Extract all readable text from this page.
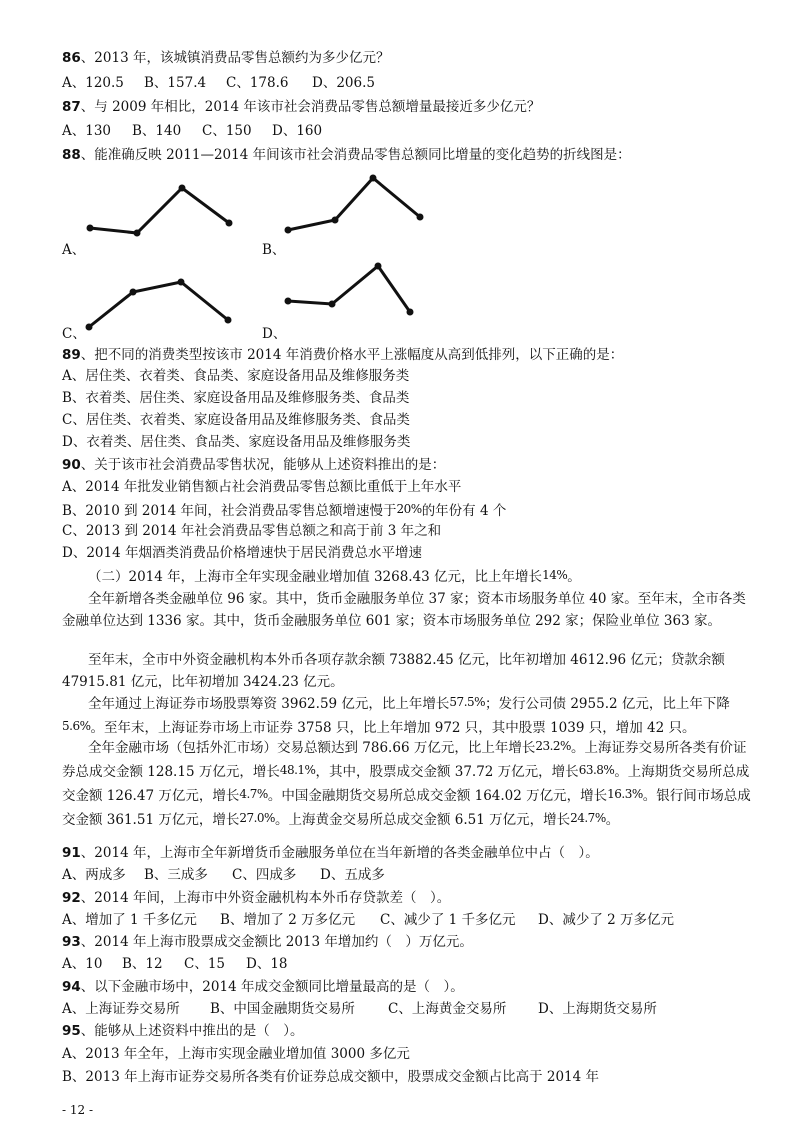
86、2013 年，该城镇消费品零售总额约为多少亿元？
A、120.5 B、157.4 C、178.6 D、206.5
87、与 2009 年相比，2014 年该市社会消费品零售总额增量最接近多少亿元？
A、130 B、140 C、150 D、160
88、能准确反映 2011—2014 年间该市社会消费品零售总额同比增量的变化趋势的折线图是：
A、	B、
C、	D、
89、把不同的消费类型按该市 2014 年消费价格水平上涨幅度从高到低排列，以下正确的是：
A、居住类、衣着类、食品类、家庭设备用品及维修服务类
B、衣着类、居住类、家庭设备用品及维修服务类、食品类
C、居住类、衣着类、家庭设备用品及维修服务类、食品类
D、衣着类、居住类、食品类、家庭设备用品及维修服务类
90、关于该市社会消费品零售状况，能够从上述资料推出的是：
A、2014 年批发业销售额占社会消费品零售总额比重低于上年水平
B、2010 到 2014 年间，社会消费品零售总额增速慢于20%的年份有 4 个
C、2013 到 2014 年社会消费品零售总额之和高于前 3 年之和
D、2014 年烟酒类消费品价格增速快于居民消费总水平增速
（二）2014 年，上海市全年实现金融业增加值 3268.43 亿元，比上年增长14%。
全年新增各类金融单位 96 家。其中，货币金融服务单位 37 家；资本市场服务单位 40 家。至年末，全市各类金融单位达到 1336 家。其中，货币金融服务单位 601 家；资本市场服务单位 292 家；保险业单位 363 家。
至年末，全市中外资金融机构本外币各项存款余额 73882.45 亿元，比年初增加 4612.96 亿元；贷款余额 47915.81 亿元，比年初增加 3424.23 亿元。
全年通过上海证券市场股票筹资 3962.59 亿元，比上年增长57.5%；发行公司债 2955.2 亿元，比上年下降5.6%。至年末，上海证券市场上市证券 3758 只，比上年增加 972 只，其中股票 1039 只，增加 42 只。
全年金融市场（包括外汇市场）交易总额达到 786.66 万亿元，比上年增长23.2%。上海证券交易所各类有价证券总成交金额 128.15 万亿元，增长48.1%，其中，股票成交金额 37.72 万亿元，增长63.8%。上海期货交易所总成交金额 126.47 万亿元，增长4.7%。中国金融期货交易所总成交金额 164.02 万亿元，增长16.3%。银行间市场总成交金额 361.51 万亿元，增长27.0%。上海黄金交易所总成交金额 6.51 万亿元，增长24.7%。
91、2014 年，上海市全年新增货币金融服务单位在当年新增的各类金融单位中占（　）。
A、两成多 B、三成多 C、四成多 D、五成多
92、2014 年间，上海市中外资金融机构本外币存贷款差（　）。
A、增加了 1 千多亿元 B、增加了 2 万多亿元 C、减少了 1 千多亿元 D、减少了 2 万多亿元
93、2014 年上海市股票成交金额比 2013 年增加约（　）万亿元。
A、10 B、12 C、15 D、18
94、以下金融市场中，2014 年成交金额同比增量最高的是（　）。
A、上海证券交易所 B、中国金融期货交易所 C、上海黄金交易所 D、上海期货交易所
95、能够从上述资料中推出的是（　）。
A、2013 年全年，上海市实现金融业增加值 3000 多亿元
B、2013 年上海市证券交易所各类有价证券总成交额中，股票成交金额占比高于 2014 年
- 12 -
